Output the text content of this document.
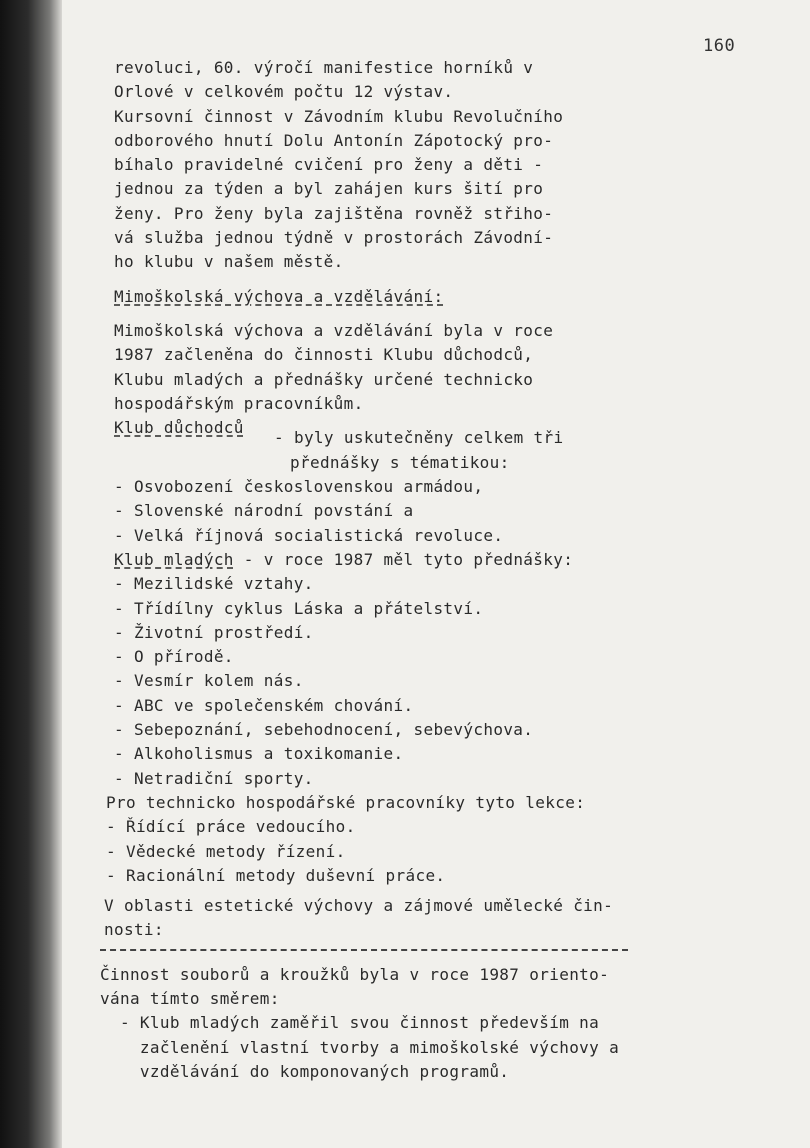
160
revoluci, 60. výročí manifestice horníků v
Orlové v celkovém počtu 12 výstav.
Kursovní činnost v Závodním klubu Revolučního
odborového hnutí Dolu Antonín Zápotocký pro-
bíhalo pravidelné cvičení pro ženy a děti -
jednou za týden a byl zahájen kurs šití pro
ženy. Pro ženy byla zajištěna rovněž střiho-
vá služba jednou týdně v prostorách Závodní-
ho klubu v našem městě.
Mimoškolská výchova a vzdělávání:
Mimoškolská výchova a vzdělávání byla v roce
1987 začleněna do činnosti Klubu důchodců,
Klubu mladých a přednášky určené technicko
hospodářským pracovníkům.
Klub důchodců
- byly uskutečněny celkem tři
přednášky s tématikou:
- Osvobození československou armádou,
- Slovenské národní povstání a
- Velká říjnová socialistická revoluce.
Klub mladých - v roce 1987 měl tyto přednášky:
- Mezilidské vztahy.
- Třídílny cyklus Láska a přátelství.
- Životní prostředí.
- O přírodě.
- Vesmír kolem nás.
- ABC ve společenském chování.
- Sebepoznání, sebehodnocení, sebevýchova.
- Alkoholismus a toxikomanie.
- Netradiční sporty.
Pro technicko hospodářské pracovníky tyto lekce:
- Řídící práce vedoucího.
- Vědecké metody řízení.
- Racionální metody duševní práce.
V oblasti estetické výchovy a zájmové umělecké čin-
nosti:
Činnost souborů a kroužků byla v roce 1987 oriento-
vána tímto směrem:
- Klub mladých zaměřil svou činnost především na
začlenění vlastní tvorby a mimoškolské výchovy a
vzdělávání do komponovaných programů.
